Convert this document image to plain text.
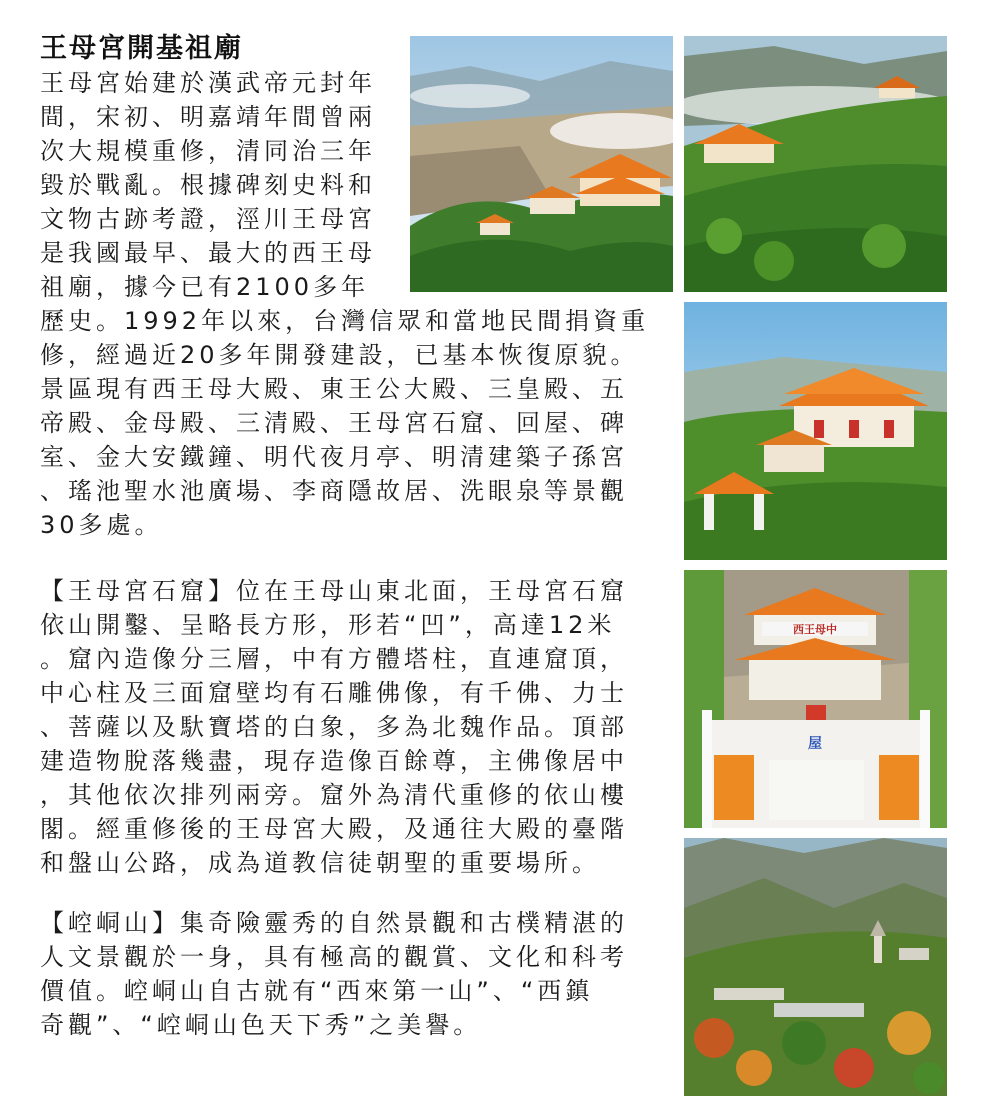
王母宮開基祖廟
王母宮始建於漢武帝元封年
間，宋初、明嘉靖年間曾兩
次大規模重修，清同治三年
毀於戰亂。根據碑刻史料和
文物古跡考證，涇川王母宮
是我國最早、最大的西王母
祖廟，據今已有2100多年
歷史。1992年以來，台灣信眾和當地民間捐資重
修，經過近20多年開發建設，已基本恢復原貌。
景區現有西王母大殿、東王公大殿、三皇殿、五
帝殿、金母殿、三清殿、王母宮石窟、回屋、碑
室、金大安鐵鐘、明代夜月亭、明清建築子孫宮
、瑤池聖水池廣場、李商隱故居、洗眼泉等景觀
30多處。
【王母宮石窟】位在王母山東北面，王母宮石窟
依山開鑿、呈略長方形，形若“凹”，高達12米
。窟內造像分三層，中有方體塔柱，直連窟頂，
中心柱及三面窟壁均有石雕佛像，有千佛、力士
、菩薩以及馱寶塔的白象，多為北魏作品。頂部
建造物脫落幾盡，現存造像百餘尊，主佛像居中
，其他依次排列兩旁。窟外為清代重修的依山樓
閣。經重修後的王母宮大殿，及通往大殿的臺階
和盤山公路，成為道教信徒朝聖的重要場所。
【崆峒山】集奇險靈秀的自然景觀和古樸精湛的
人文景觀於一身，具有極高的觀賞、文化和科考
價值。崆峒山自古就有“西來第一山”、“西鎮
奇觀”、“崆峒山色天下秀”之美譽。
西王母中
屋
